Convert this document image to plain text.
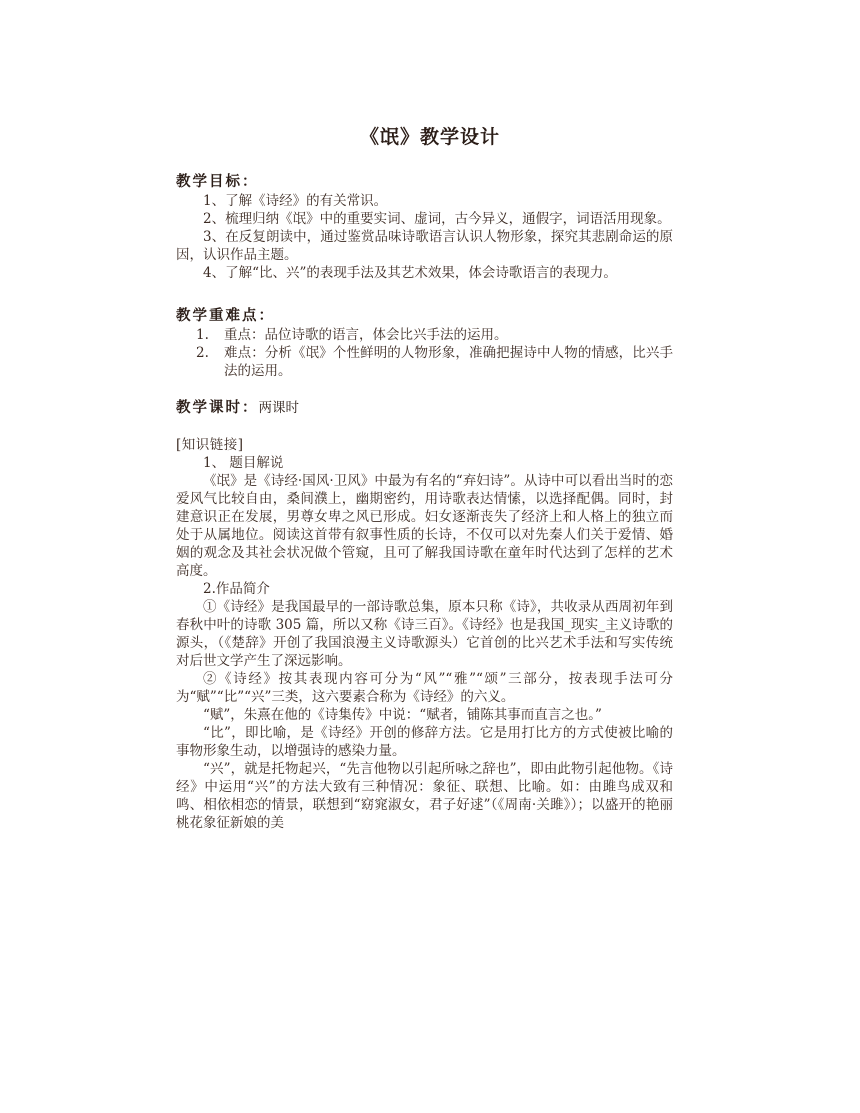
《氓》教学设计
教学目标：

1、了解《诗经》的有关常识。

2、梳理归纳《氓》中的重要实词、虚词，古今异义，通假字，词语活用现象。

3、在反复朗读中，通过鉴赏品味诗歌语言认识人物形象，探究其悲剧命运的原因，认识作品主题。

4、了解“比、兴”的表现手法及其艺术效果，体会诗歌语言的表现力。

教学重难点：
1.	重点：品位诗歌的语言，体会比兴手法的运用。
2.	难点：分析《氓》个性鲜明的人物形象，准确把握诗中人物的情感，比兴手法的运用。
教学课时：两课时

[知识链接]

1、 题目解说

《氓》是《诗经·国风·卫风》中最为有名的“弃妇诗”。从诗中可以看出当时的恋爱风气比较自由，桑间濮上，幽期密约，用诗歌表达情愫，以选择配偶。同时，封建意识正在发展，男尊女卑之风已形成。妇女逐渐丧失了经济上和人格上的独立而处于从属地位。阅读这首带有叙事性质的长诗，不仅可以对先秦人们关于爱情、婚姻的观念及其社会状况做个管窥，且可了解我国诗歌在童年时代达到了怎样的艺术高度。

2.作品简介

①《诗经》是我国最早的一部诗歌总集，原本只称《诗》，共收录从西周初年到春秋中叶的诗歌 305 篇，所以又称《诗三百》。《诗经》也是我国_现实_主义诗歌的源头，（《楚辞》开创了我国浪漫主义诗歌源头）它首创的比兴艺术手法和写实传统对后世文学产生了深远影响。

②《诗经》按其表现内容可分为“风”“雅”“颂”三部分，按表现手法可分为“赋”“比”“兴”三类，这六要素合称为《诗经》的六义。

“赋”，朱熹在他的《诗集传》中说：“赋者，铺陈其事而直言之也。”

“比”，即比喻，是《诗经》开创的修辞方法。它是用打比方的方式使被比喻的事物形象生动，以增强诗的感染力量。

“兴”，就是托物起兴，“先言他物以引起所咏之辞也”，即由此物引起他物。《诗经》中运用“兴”的方法大致有三种情况：象征、联想、比喻。如：由雎鸟成双和鸣、相依相恋的情景，联想到“窈窕淑女，君子好逑”（《周南·关雎》）；以盛开的艳丽桃花象征新娘的美
